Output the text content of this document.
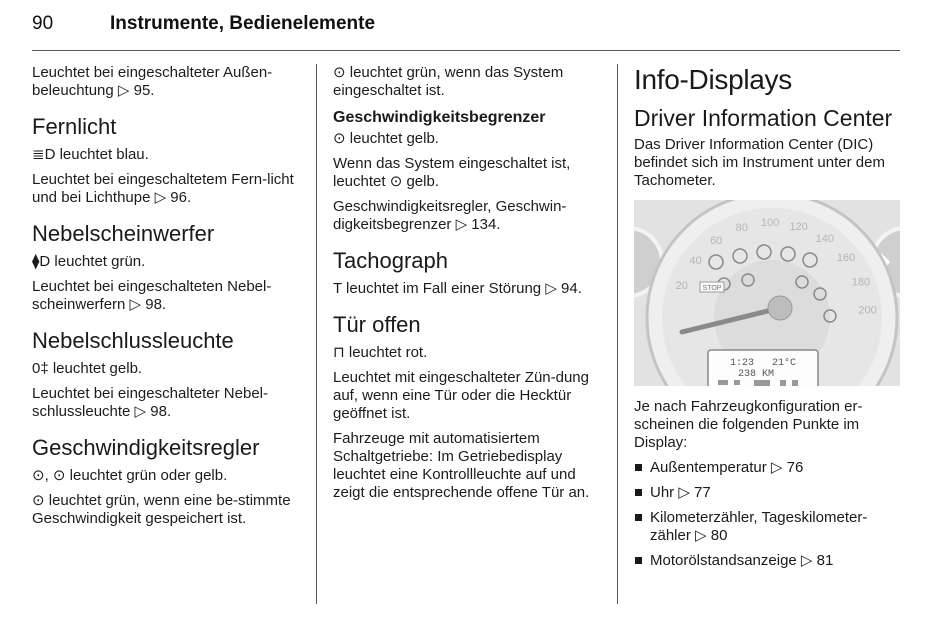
90	Instrumente, Bedienelemente

Leuchtet bei eingeschalteter Außen-beleuchtung ▷ 95.

Fernlicht

≣D leuchtet blau.

Leuchtet bei eingeschaltetem Fern-licht und bei Lichthupe ▷ 96.

Nebelscheinwerfer

⧫D leuchtet grün.

Leuchtet bei eingeschalteten Nebel-scheinwerfern ▷ 98.

Nebelschlussleuchte

0‡ leuchtet gelb.

Leuchtet bei eingeschalteter Nebel-schlussleuchte ▷ 98.

Geschwindigkeitsregler

⊙, ⊙ leuchtet grün oder gelb.

⊙ leuchtet grün, wenn eine be-stimmte Geschwindigkeit gespeichert ist.

⊙ leuchtet grün, wenn das System eingeschaltet ist.

Geschwindigkeitsbegrenzer

⊙ leuchtet gelb.

Wenn das System eingeschaltet ist, leuchtet ⊙ gelb.

Geschwindigkeitsregler, Geschwin-digkeitsbegrenzer ▷ 134.

Tachograph

T leuchtet im Fall einer Störung ▷ 94.

Tür offen

⊓ leuchtet rot.

Leuchtet mit eingeschalteter Zün-dung auf, wenn eine Tür oder die Hecktür geöffnet ist.

Fahrzeuge mit automatisiertem Schaltgetriebe: Im Getriebedisplay leuchtet eine Kontrollleuchte auf und zeigt die entsprechende offene Tür an.

Info-Displays
Driver Information Center

Das Driver Information Center (DIC) befindet sich im Instrument unter dem Tachometer.

20
40
60
80 100 120
140
160
180
200
STOP
1:23 21°C
238 KM

Je nach Fahrzeugkonfiguration er-scheinen die folgenden Punkte im Display:

Außentemperatur ▷ 76
Uhr ▷ 77
Kilometerzähler, Tageskilometer-zähler ▷ 80
Motorölstandsanzeige ▷ 81
